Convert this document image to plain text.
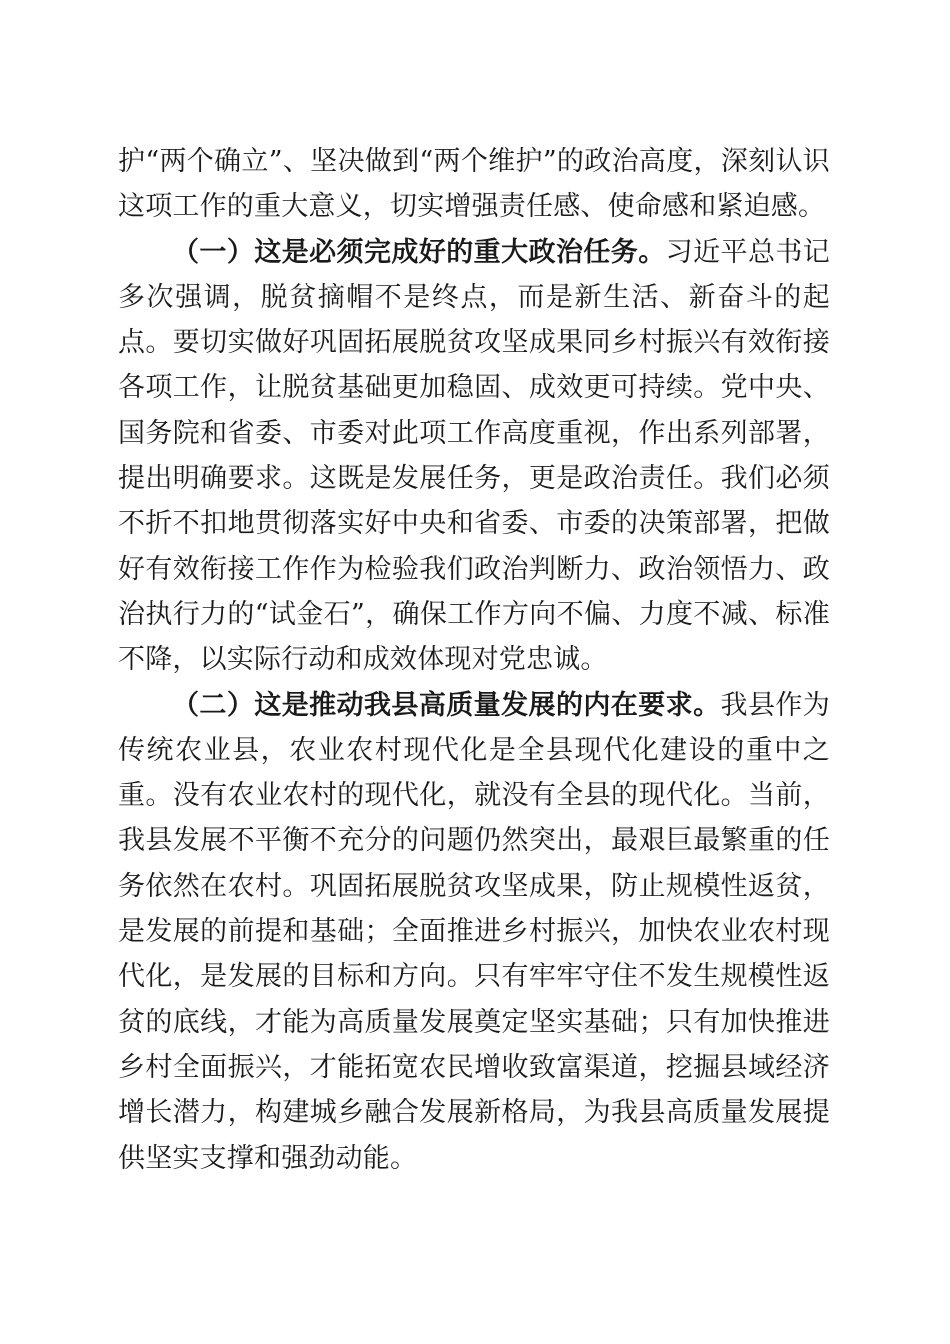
护“两个确立”、坚决做到“两个维护”的政治高度，深刻认识这项工作的重大意义，切实增强责任感、使命感和紧迫感。

（一）这是必须完成好的重大政治任务。习近平总书记多次强调，脱贫摘帽不是终点，而是新生活、新奋斗的起点。要切实做好巩固拓展脱贫攻坚成果同乡村振兴有效衔接各项工作，让脱贫基础更加稳固、成效更可持续。党中央、国务院和省委、市委对此项工作高度重视，作出系列部署，提出明确要求。这既是发展任务，更是政治责任。我们必须不折不扣地贯彻落实好中央和省委、市委的决策部署，把做好有效衔接工作作为检验我们政治判断力、政治领悟力、政治执行力的“试金石”，确保工作方向不偏、力度不减、标准不降，以实际行动和成效体现对党忠诚。

（二）这是推动我县高质量发展的内在要求。我县作为传统农业县，农业农村现代化是全县现代化建设的重中之重。没有农业农村的现代化，就没有全县的现代化。当前，我县发展不平衡不充分的问题仍然突出，最艰巨最繁重的任务依然在农村。巩固拓展脱贫攻坚成果，防止规模性返贫，是发展的前提和基础；全面推进乡村振兴，加快农业农村现代化，是发展的目标和方向。只有牢牢守住不发生规模性返贫的底线，才能为高质量发展奠定坚实基础；只有加快推进乡村全面振兴，才能拓宽农民增收致富渠道，挖掘县域经济增长潜力，构建城乡融合发展新格局，为我县高质量发展提供坚实支撑和强劲动能。
